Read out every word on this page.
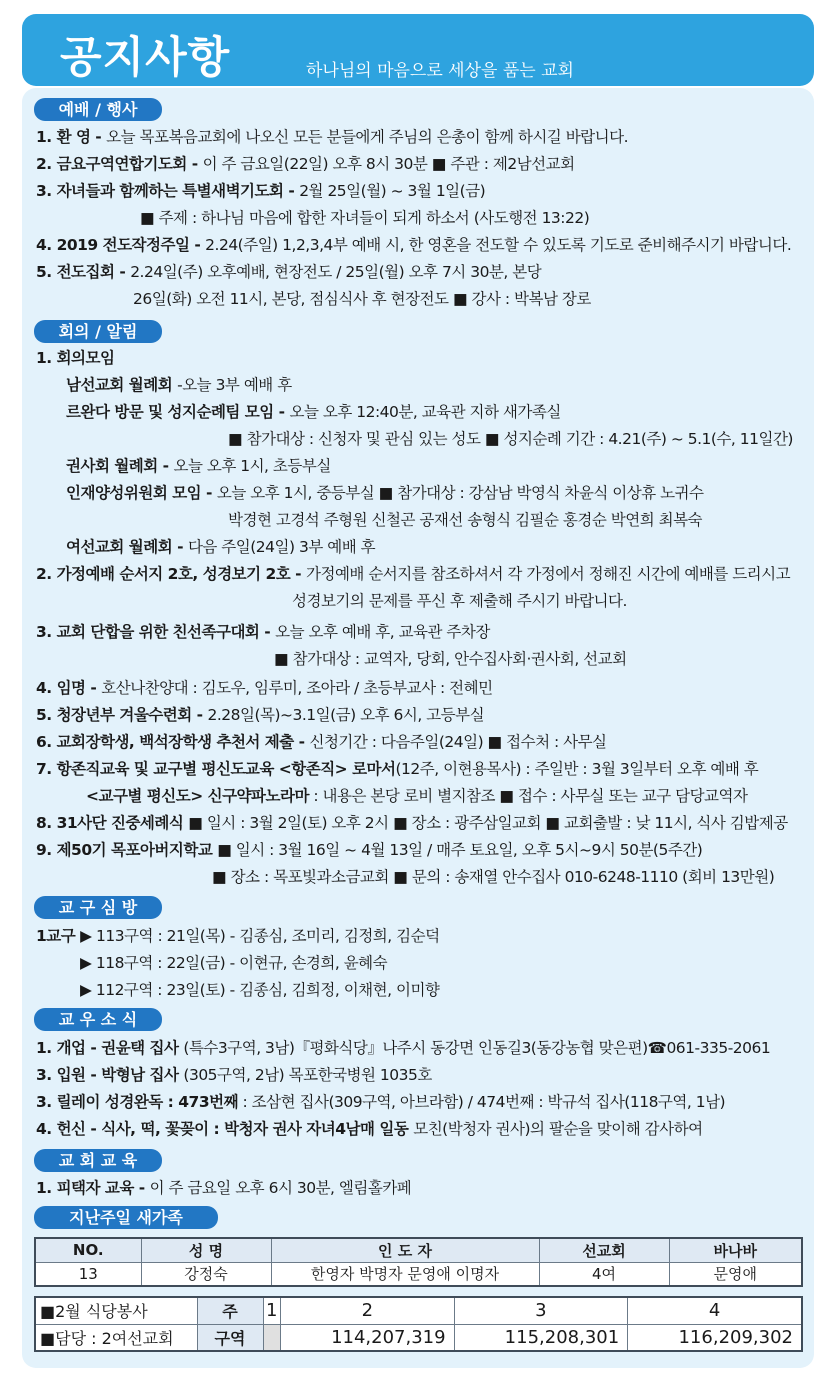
공지사항	하나님의 마음으로 세상을 품는 교회
예배 / 행사
회의 / 알림
교 구 심 방
교 우 소 식
교 회 교 육
지난주일 새가족
1. 환 영 - 오늘 목포복음교회에 나오신 모든 분들에게 주님의 은총이 함께 하시길 바랍니다.
2. 금요구역연합기도회 - 이 주 금요일(22일) 오후 8시 30분 ■ 주관 : 제2남선교회
3. 자녀들과 함께하는 특별새벽기도회 - 2월 25일(월) ~ 3월 1일(금)
■ 주제 : 하나님 마음에 합한 자녀들이 되게 하소서 (사도행전 13:22)
4. 2019 전도작정주일 - 2.24(주일) 1,2,3,4부 예배 시, 한 영혼을 전도할 수 있도록 기도로 준비해주시기 바랍니다.
5. 전도집회 - 2.24일(주) 오후예배, 현장전도 / 25일(월) 오후 7시 30분, 본당
26일(화) 오전 11시, 본당, 점심식사 후 현장전도 ■ 강사 : 박복남 장로
1. 회의모임
남선교회 월례회 -오늘 3부 예배 후
르완다 방문 및 성지순례팀 모임 - 오늘 오후 12:40분, 교육관 지하 새가족실
■ 참가대상 : 신청자 및 관심 있는 성도 ■ 성지순례 기간 : 4.21(주) ~ 5.1(수, 11일간)
권사회 월례회 - 오늘 오후 1시, 초등부실
인재양성위원회 모임 - 오늘 오후 1시, 중등부실 ■ 참가대상 : 강삼남 박영식 차윤식 이상휴 노귀수
박경현 고경석 주형원 신철곤 공재선 송형식 김필순 홍경순 박연희 최복숙
여선교회 월례회 - 다음 주일(24일) 3부 예배 후
2. 가정예배 순서지 2호, 성경보기 2호 - 가정예배 순서지를 참조하셔서 각 가정에서 정해진 시간에 예배를 드리시고
성경보기의 문제를 푸신 후 제출해 주시기 바랍니다.
3. 교회 단합을 위한 친선족구대회 - 오늘 오후 예배 후, 교육관 주차장
■ 참가대상 : 교역자, 당회, 안수집사회·권사회, 선교회
4. 임명 - 호산나찬양대 : 김도우, 임루미, 조아라 / 초등부교사 : 전혜민
5. 청장년부 겨울수련회 - 2.28일(목)~3.1일(금) 오후 6시, 고등부실
6. 교회장학생, 백석장학생 추천서 제출 - 신청기간 : 다음주일(24일) ■ 접수처 : 사무실
7. 항존직교육 및 교구별 평신도교육 <항존직> 로마서(12주, 이현용목사) : 주일반 : 3월 3일부터 오후 예배 후
<교구별 평신도> 신구약파노라마 : 내용은 본당 로비 별지참조 ■ 접수 : 사무실 또는 교구 담당교역자
8. 31사단 진중세례식 ■ 일시 : 3월 2일(토) 오후 2시 ■ 장소 : 광주삼일교회 ■ 교회출발 : 낮 11시, 식사 김밥제공
9. 제50기 목포아버지학교 ■ 일시 : 3월 16일 ~ 4월 13일 / 매주 토요일, 오후 5시~9시 50분(5주간)
■ 장소 : 목포빛과소금교회 ■ 문의 : 송재열 안수집사 010-6248-1110 (회비 13만원)
1교구 ▶ 113구역 : 21일(목) - 김종심, 조미리, 김정희, 김순덕
▶ 118구역 : 22일(금) - 이현규, 손경희, 윤혜숙
▶ 112구역 : 23일(토) - 김종심, 김희정, 이채현, 이미향
1. 개업 - 권윤택 집사 (특수3구역, 3남)『평화식당』나주시 동강면 인동길3(동강농협 맞은편)☎061-335-2061
3. 입원 - 박형남 집사 (305구역, 2남) 목포한국병원 1035호
3. 릴레이 성경완독 : 473번째 : 조삼현 집사(309구역, 아브라함) / 474번째 : 박규석 집사(118구역, 1남)
4. 헌신 - 식사, 떡, 꽃꽂이 : 박청자 권사 자녀4남매 일동 모친(박청자 권사)의 팔순을 맞이해 감사하여
1. 피택자 교육 - 이 주 금요일 오후 6시 30분, 엘림홀카페
NO.	성 명	인 도 자	선교회	바나바
13	강정숙	한영자 박명자 문영애 이명자	4여	문영애
■2월 식당봉사	주	1	2	3	4
■담당 : 2여선교회	구역		114,207,319	115,208,301	116,209,302
